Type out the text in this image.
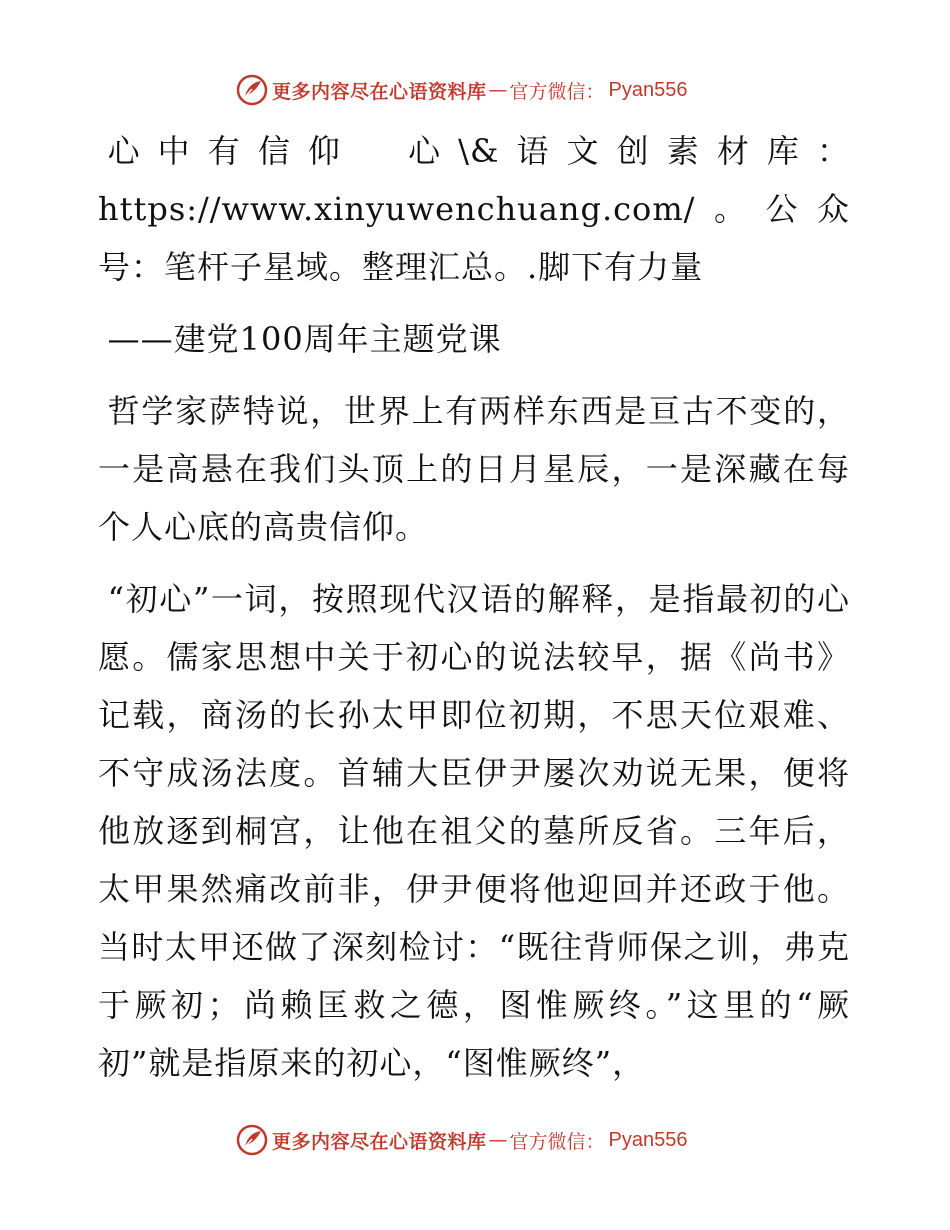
更多内容尽在心语资料库 — 官方微信： Pyan556

心中有信仰　心\&语文创素材库：https://www.xinyuwenchuang.com/。公众号：笔杆子星域。整理汇总。.脚下有力量

——建党100周年主题党课

哲学家萨特说，世界上有两样东西是亘古不变的，一是高悬在我们头顶上的日月星辰，一是深藏在每个人心底的高贵信仰。

“初心”一词，按照现代汉语的解释，是指最初的心愿。儒家思想中关于初心的说法较早，据《尚书》记载，商汤的长孙太甲即位初期，不思天位艰难、不守成汤法度。首辅大臣伊尹屡次劝说无果，便将他放逐到桐宫，让他在祖父的墓所反省。三年后，太甲果然痛改前非，伊尹便将他迎回并还政于他。当时太甲还做了深刻检讨：“既往背师保之训，弗克于厥初；尚赖匡救之德，图惟厥终。”这里的“厥初”就是指原来的初心，“图惟厥终”，

更多内容尽在心语资料库 — 官方微信： Pyan556
